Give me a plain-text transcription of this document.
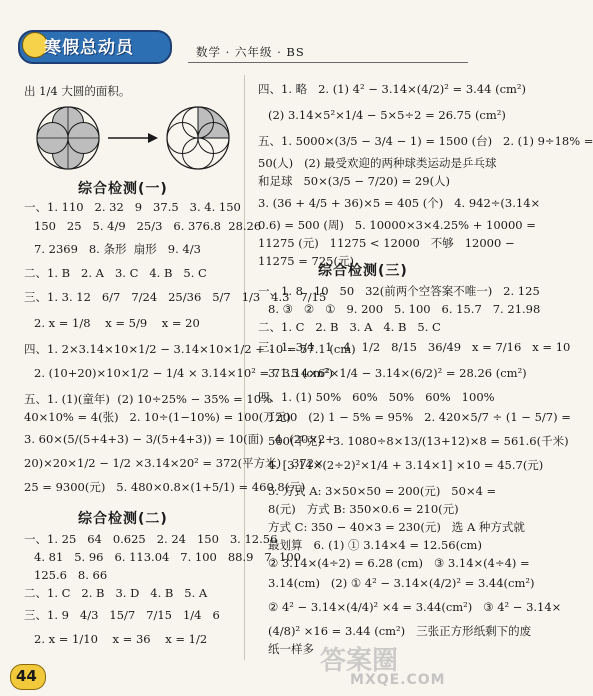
寒假总动员	数学 · 六年级 · BS
出 1/4 大圆的面积。
综合检测(一)
一、1. 110   2. 32   9   37.5   3. 4. 150
150   25   5. 4/9   25/3   6. 376.8  28.26
7. 2369   8. 条形  扇形   9. 4/3
二、1. B   2. A   3. C   4. B   5. C
三、1. 3. 12   6/7   7/24   25/36   5/7   1/3   4.3   7/15
2. x = 1/8    x = 5/9    x = 20
四、1. 2×3.14×10×1/2 − 3.14×10×1/2 + 10 = 57.1 (cm)
2. (10+20)×10×1/2 − 1/4 × 3.14×10² = 71.5 (cm²)
五、1. (1)(童年)  (2) 10÷25% − 35% = 10%
40×10% = 4(张)   2. 10÷(1−10%) = 100(万元)
3. 60×(5/(5+4+3) − 3/(5+4+3)) = 10(面)   4. (20×2+
20)×20×1/2 − 1/2 ×3.14×20² = 372(平方米)   372×
25 = 9300(元)   5. 480×0.8×(1+5/1) = 460.8(元)
综合检测(二)
一、1. 25   64   0.625   2. 24   150   3. 12.56
4. 81   5. 96   6. 113.04   7. 100   88.9   7. 100
125.6   8. 66
二、1. C   2. B   3. D   4. B   5. A
三、1. 9   4/3   15/7   7/15   1/4   6
2. x = 1/10    x = 36    x = 1/2
四、1. 略   2. (1) 4² − 3.14×(4/2)² = 3.44 (cm²)
(2) 3.14×5²×1/4 − 5×5÷2 = 26.75 (cm²)
五、1. 5000×(3/5 − 3/4 − 1) = 1500 (台)   2. (1) 9÷18% =
50(人)   (2) 最受欢迎的两种球类运动是乒乓球
和足球   50×(3/5 − 7/20) = 29(人)
3. (36 + 4/5 + 36)×5 = 405 (个)   4. 942÷(3.14×
0.6) = 500 (周)   5. 10000×3×4.25% + 10000 =
11275 (元)   11275 < 12000   不够   12000 −
11275 = 725(元)
综合检测(三)
一、1. 8   10   50   32(前两个空答案不唯一)   2. 125
8. ③   ②   ①   9. 200   5. 100   6. 15.7   7. 21.98
二、1. C   2. B   3. A   4. B   5. C
三、1. 3/4   1   4   1/2   8/15   36/49   x = 7/16   x = 10
3. 3.14×6²×1/4 − 3.14×(6/2)² = 28.26 (cm²)
四、1. (1) 50%   60%   50%   60%   100%
1200   (2) 1 − 5% = 95%   2. 420×5/7 ÷ (1 − 5/7) =
500(千克)   3. 1080÷8×13/(13+12)×8 = 561.6(千米)
4. [3.14×(2÷2)²×1/4 + 3.14×1] ×10 = 45.7(元)
5. 方式 A: 3×50×50 = 200(元)   50×4 =
8(元)   方式 B: 350×0.6 = 210(元)
方式 C: 350 − 40×3 = 230(元)   选 A 种方式就
最划算   6. (1) ① 3.14×4 = 12.56(cm)
② 3.14×(4÷2) = 6.28 (cm)   ③ 3.14×(4÷4) =
3.14(cm)   (2) ① 4² − 3.14×(4/2)² = 3.44(cm²)
② 4² − 3.14×(4/4)² ×4 = 3.44(cm²)   ③ 4² − 3.14×
(4/8)² ×16 = 3.44 (cm²)   三张正方形纸剩下的废
纸一样多
44	答案圈
MXQE.COM
